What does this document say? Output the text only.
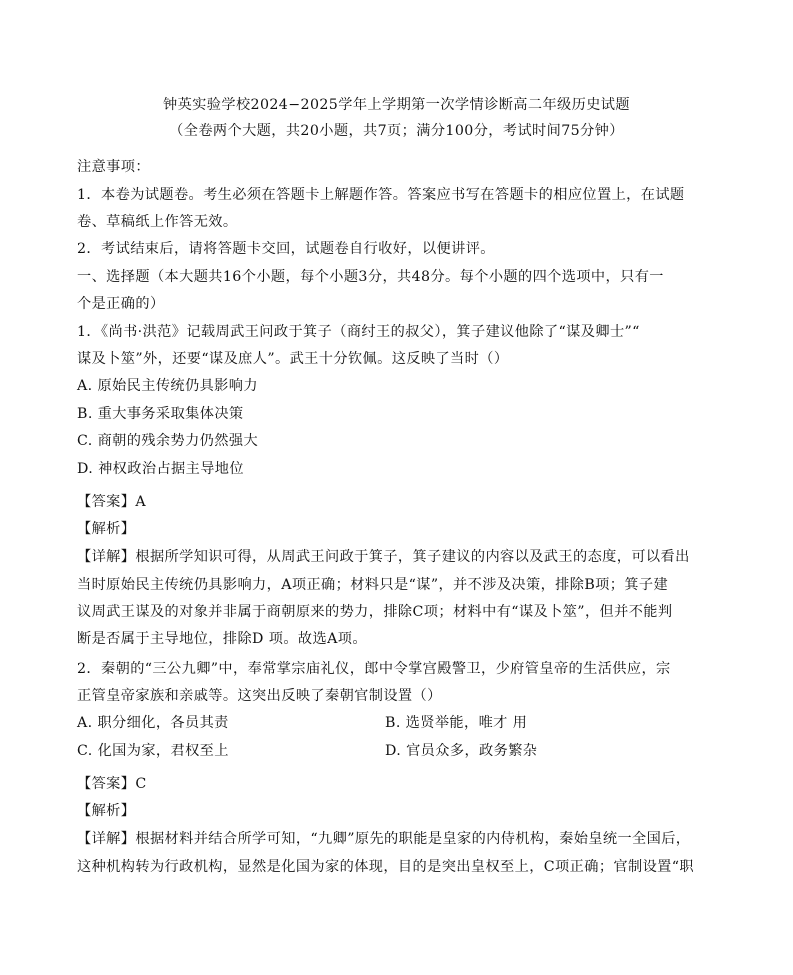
钟英实验学校2024−2025学年上学期第一次学情诊断高二年级历史试题
（全卷两个大题，共20小题，共7页；满分100分，考试时间75分钟）
注意事项：
1．本卷为试题卷。考生必须在答题卡上解题作答。答案应书写在答题卡的相应位置上，在试题
卷、草稿纸上作答无效。
2．考试结束后，请将答题卡交回，试题卷自行收好，以便讲评。
一、选择题（本大题共16个小题，每个小题3分，共48分。每个小题的四个选项中，只有一
个是正确的）
1．《尚书·洪范》记载周武王问政于箕子（商纣王的叔父），箕子建议他除了“谋及卿士”“
谋及卜筮”外，还要“谋及庶人”。武王十分钦佩。这反映了当时（）
A. 原始民主传统仍具影响力
B. 重大事务采取集体决策
C. 商朝的残余势力仍然强大
D. 神权政治占据主导地位
【答案】A
【解析】
【详解】根据所学知识可得，从周武王问政于箕子，箕子建议的内容以及武王的态度，可以看出
当时原始民主传统仍具影响力，A项正确；材料只是“谋”，并不涉及决策，排除B项；箕子建
议周武王谋及的对象并非属于商朝原来的势力，排除C项；材料中有“谋及卜筮”，但并不能判
断是否属于主导地位，排除D 项。故选A项。
2．秦朝的“三公九卿”中，奉常掌宗庙礼仪，郎中令掌宫殿警卫，少府管皇帝的生活供应，宗
正管皇帝家族和亲戚等。这突出反映了秦朝官制设置（）
A. 职分细化，各员其责	B. 选贤举能，唯才 用
C. 化国为家，君权至上	D. 官员众多，政务繁杂
【答案】C
【解析】
【详解】根据材料并结合所学可知，“九卿”原先的职能是皇家的内侍机构，秦始皇统一全国后，
这种机构转为行政机构，显然是化国为家的体现，目的是突出皇权至上，C项正确；官制设置“职
